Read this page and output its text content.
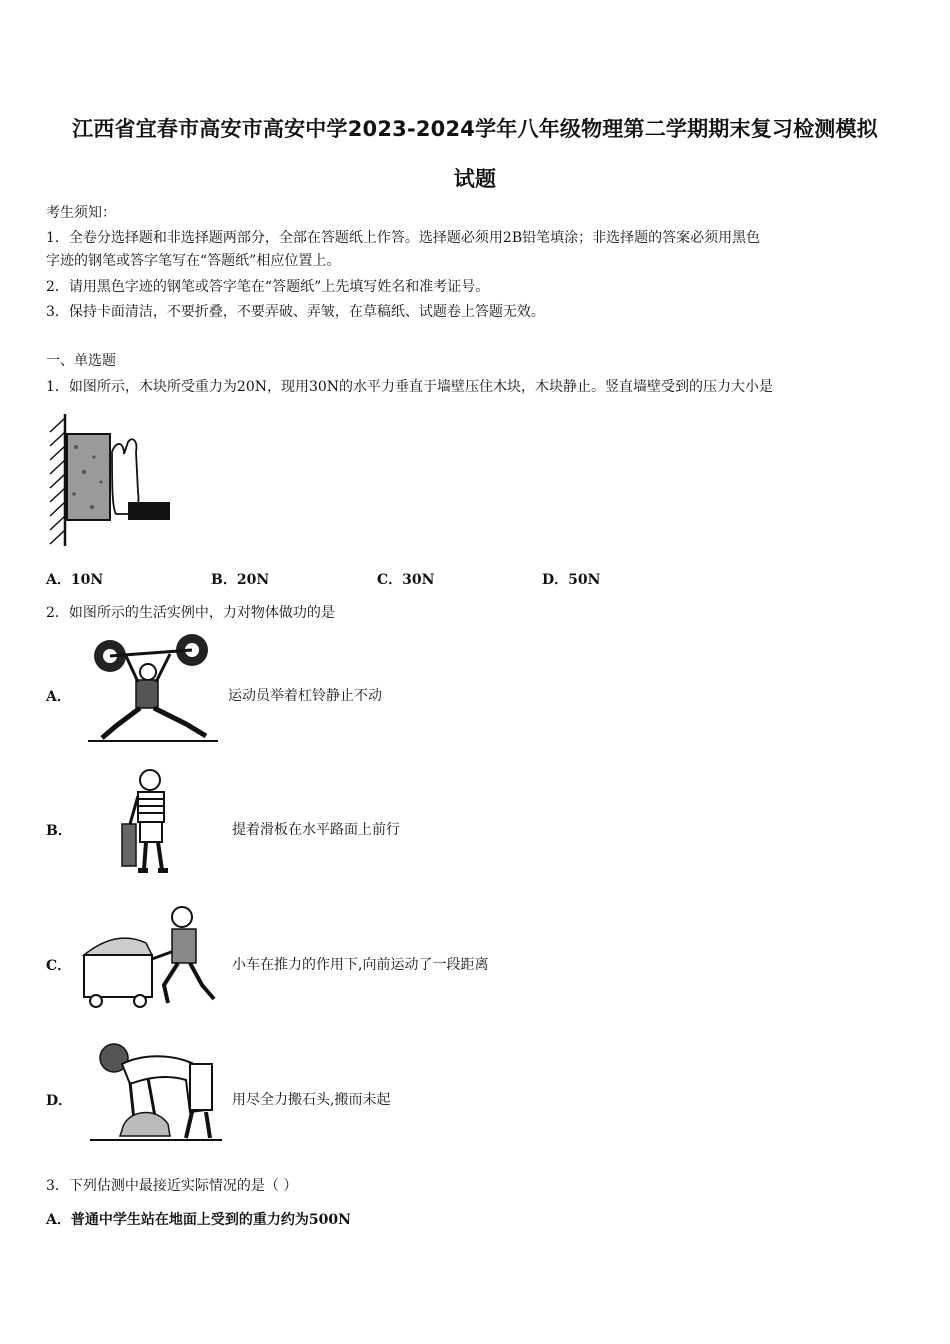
江西省宜春市高安市高安中学2023-2024学年八年级物理第二学期期末复习检测模拟
试题
考生须知：
1．全卷分选择题和非选择题两部分，全部在答题纸上作答。选择题必须用2B铅笔填涂；非选择题的答案必须用黑色
字迹的钢笔或答字笔写在“答题纸”相应位置上。
2．请用黑色字迹的钢笔或答字笔在“答题纸”上先填写姓名和准考证号。
3．保持卡面清洁，不要折叠，不要弄破、弄皱，在草稿纸、试题卷上答题无效。
一、单选题
1．如图所示，木块所受重力为20N，现用30N的水平力垂直于墙壁压住木块，木块静止。竖直墙壁受到的压力大小是
A．10N	B．20N	C．30N	D．50N
2．如图所示的生活实例中，力对物体做功的是
A．	运动员举着杠铃静止不动
B．	提着滑板在水平路面上前行
C．	小车在推力的作用下,向前运动了一段距离
D．	用尽全力搬石头,搬而未起
3．下列估测中最接近实际情况的是（ ）
A．普通中学生站在地面上受到的重力约为500N
